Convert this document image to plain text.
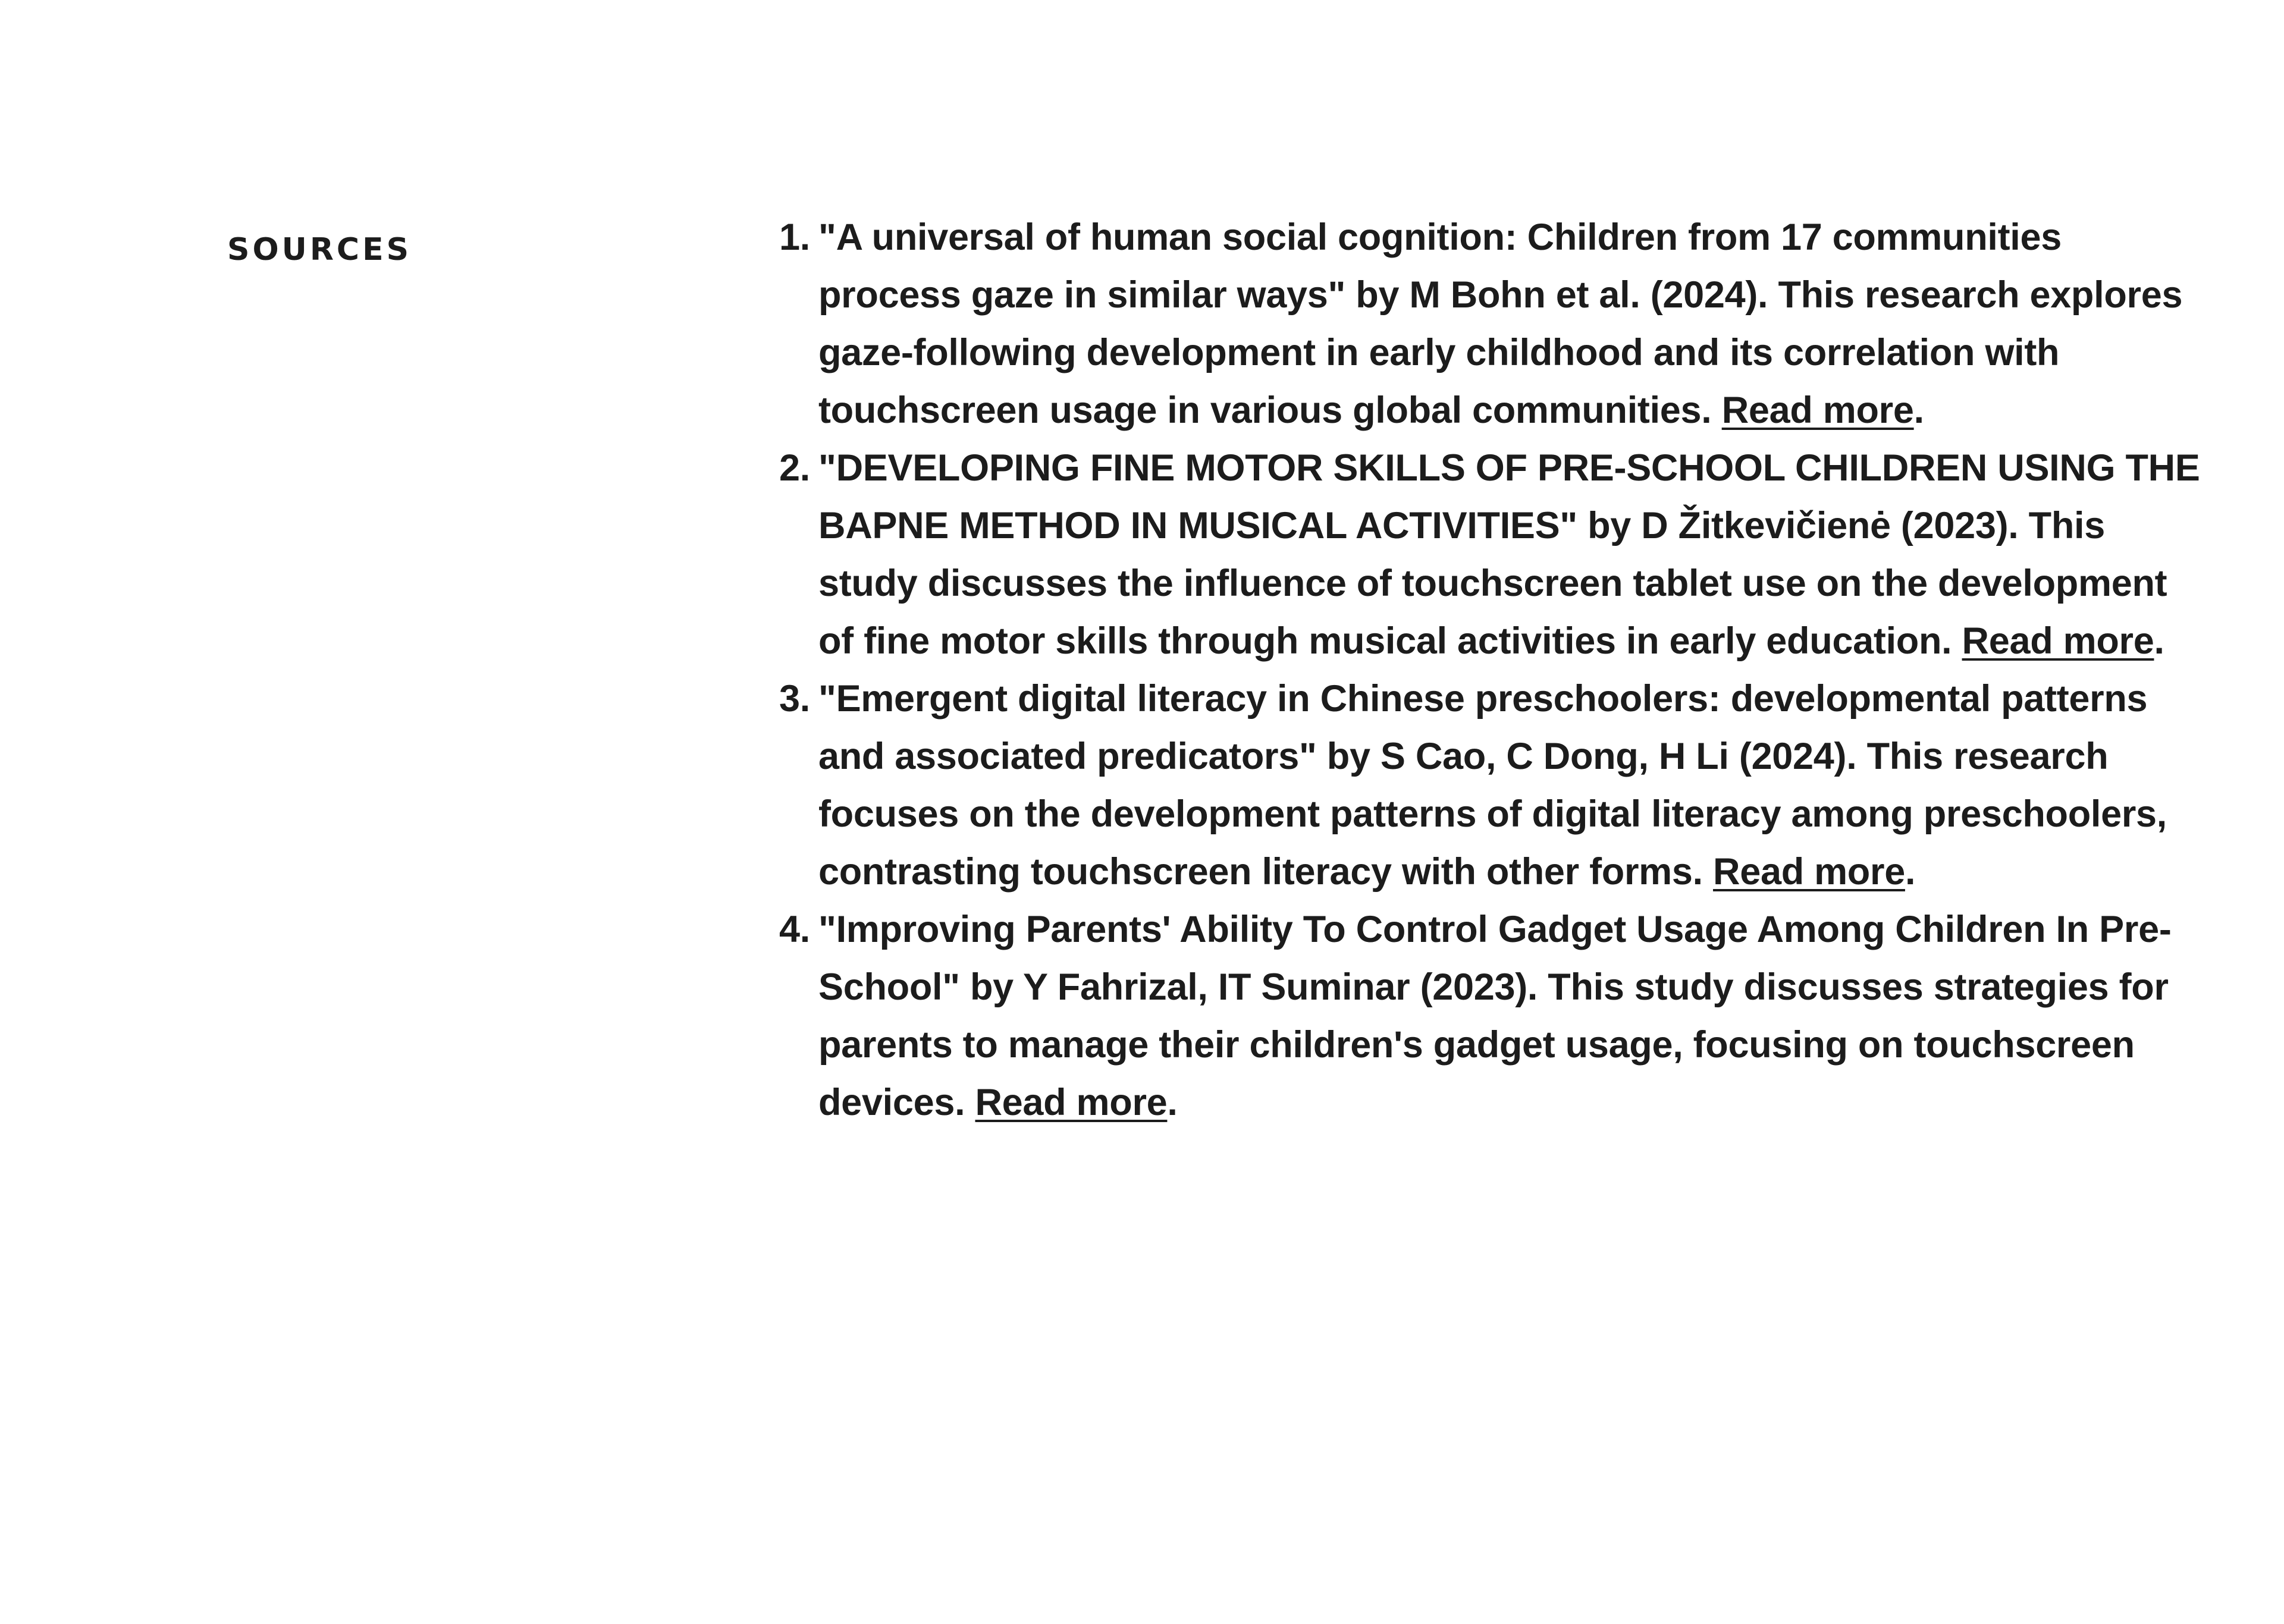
SOURCES	1. "A universal of human social cognition: Children from 17 communities process gaze in similar ways" by M Bohn et al. (2024). This research explores gaze-following development in early childhood and its correlation with touchscreen usage in various global communities. Read more.
2. "DEVELOPING FINE MOTOR SKILLS OF PRE-SCHOOL CHILDREN USING THE BAPNE METHOD IN MUSICAL ACTIVITIES" by D Žitkevičienė (2023). This study discusses the influence of touchscreen tablet use on the development of fine motor skills through musical activities in early education. Read more.
3. "Emergent digital literacy in Chinese preschoolers: developmental patterns and associated predicators" by S Cao, C Dong, H Li (2024). This research focuses on the development patterns of digital literacy among preschoolers, contrasting touchscreen literacy with other forms. Read more.
4. "Improving Parents' Ability To Control Gadget Usage Among Children In Pre-School" by Y Fahrizal, IT Suminar (2023). This study discusses strategies for parents to manage their children's gadget usage, focusing on touchscreen devices. Read more.
